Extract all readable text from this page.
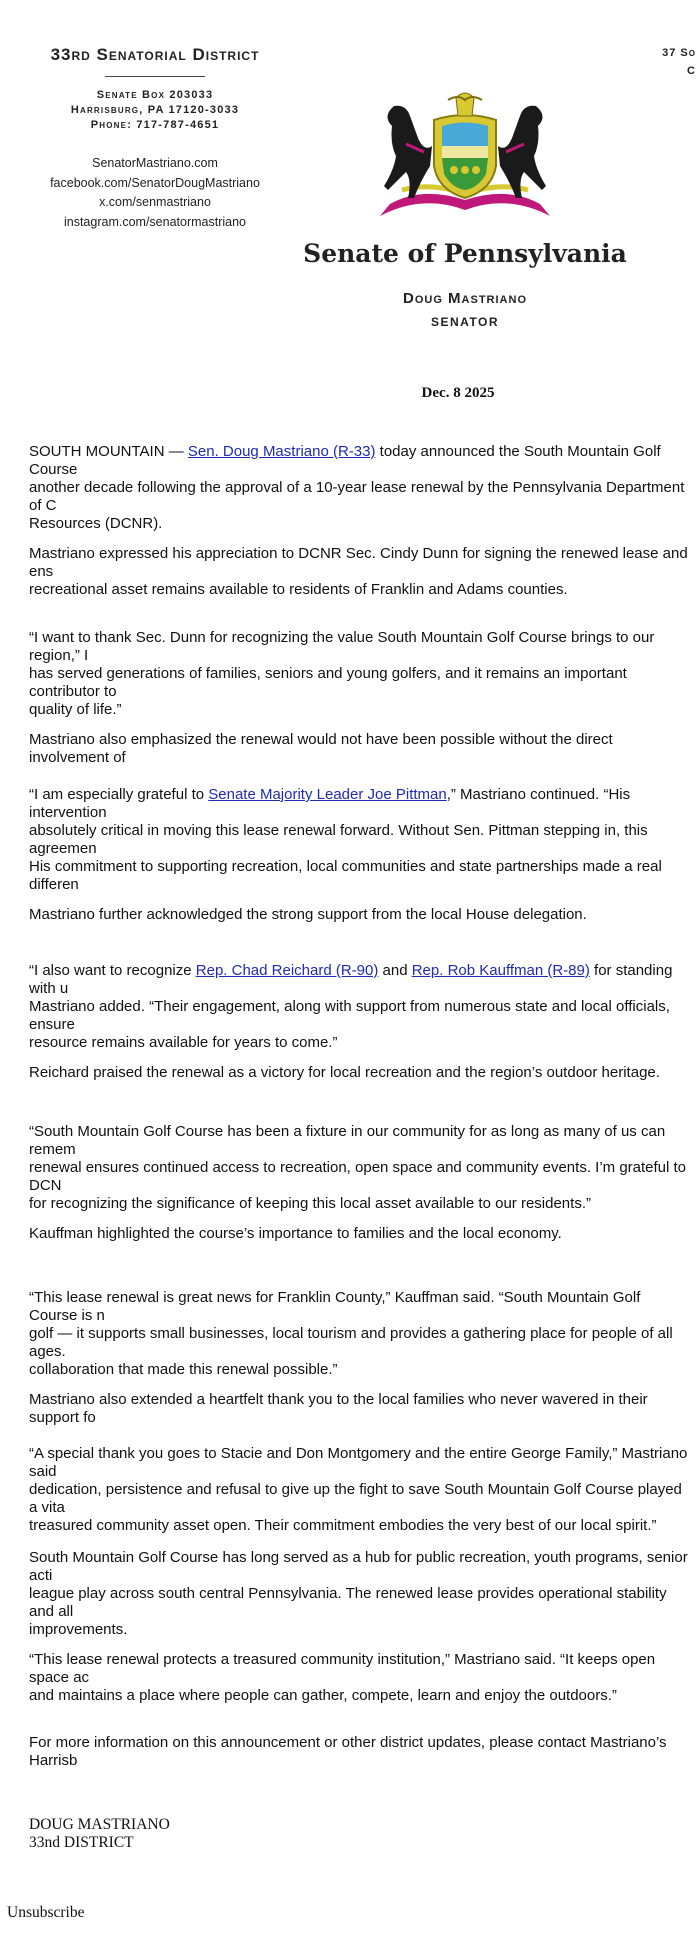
33rd Senatorial District
Senate Box 203033
Harrisburg, PA 17120-3033
Phone: 717-787-4651
SenatorMastriano.com
facebook.com/SenatorDougMastriano
x.com/senmastriano
instagram.com/senatormastriano
37 So
C
Senate of Pennsylvania
Doug Mastriano
SENATOR
Dec. 8 2025
SOUTH MOUNTAIN — Sen. Doug Mastriano (R-33) today announced the South Mountain Golf Course
another decade following the approval of a 10-year lease renewal by the Pennsylvania Department of C
Resources (DCNR).
Mastriano expressed his appreciation to DCNR Sec. Cindy Dunn for signing the renewed lease and ens
recreational asset remains available to residents of Franklin and Adams counties.
“I want to thank Sec. Dunn for recognizing the value South Mountain Golf Course brings to our region,” I
has served generations of families, seniors and young golfers, and it remains an important contributor to
quality of life.”
Mastriano also emphasized the renewal would not have been possible without the direct involvement of
“I am especially grateful to Senate Majority Leader Joe Pittman,” Mastriano continued. “His intervention
absolutely critical in moving this lease renewal forward. Without Sen. Pittman stepping in, this agreemen
His commitment to supporting recreation, local communities and state partnerships made a real differen
Mastriano further acknowledged the strong support from the local House delegation.
“I also want to recognize Rep. Chad Reichard (R-90) and Rep. Rob Kauffman (R-89) for standing with u
Mastriano added. “Their engagement, along with support from numerous state and local officials, ensure
resource remains available for years to come.”
Reichard praised the renewal as a victory for local recreation and the region’s outdoor heritage.
“South Mountain Golf Course has been a fixture in our community for as long as many of us can remem
renewal ensures continued access to recreation, open space and community events. I’m grateful to DCN
for recognizing the significance of keeping this local asset available to our residents.”
Kauffman highlighted the course’s importance to families and the local economy.
“This lease renewal is great news for Franklin County,” Kauffman said. “South Mountain Golf Course is n
golf — it supports small businesses, local tourism and provides a gathering place for people of all ages.
collaboration that made this renewal possible.”
Mastriano also extended a heartfelt thank you to the local families who never wavered in their support fo
“A special thank you goes to Stacie and Don Montgomery and the entire George Family,” Mastriano said
dedication, persistence and refusal to give up the fight to save South Mountain Golf Course played a vita
treasured community asset open. Their commitment embodies the very best of our local spirit.”
South Mountain Golf Course has long served as a hub for public recreation, youth programs, senior acti
league play across south central Pennsylvania. The renewed lease provides operational stability and all
improvements.
“This lease renewal protects a treasured community institution,” Mastriano said. “It keeps open space ac
and maintains a place where people can gather, compete, learn and enjoy the outdoors.”
For more information on this announcement or other district updates, please contact Mastriano’s Harrisb
DOUG MASTRIANO
33nd DISTRICT
Unsubscribe
